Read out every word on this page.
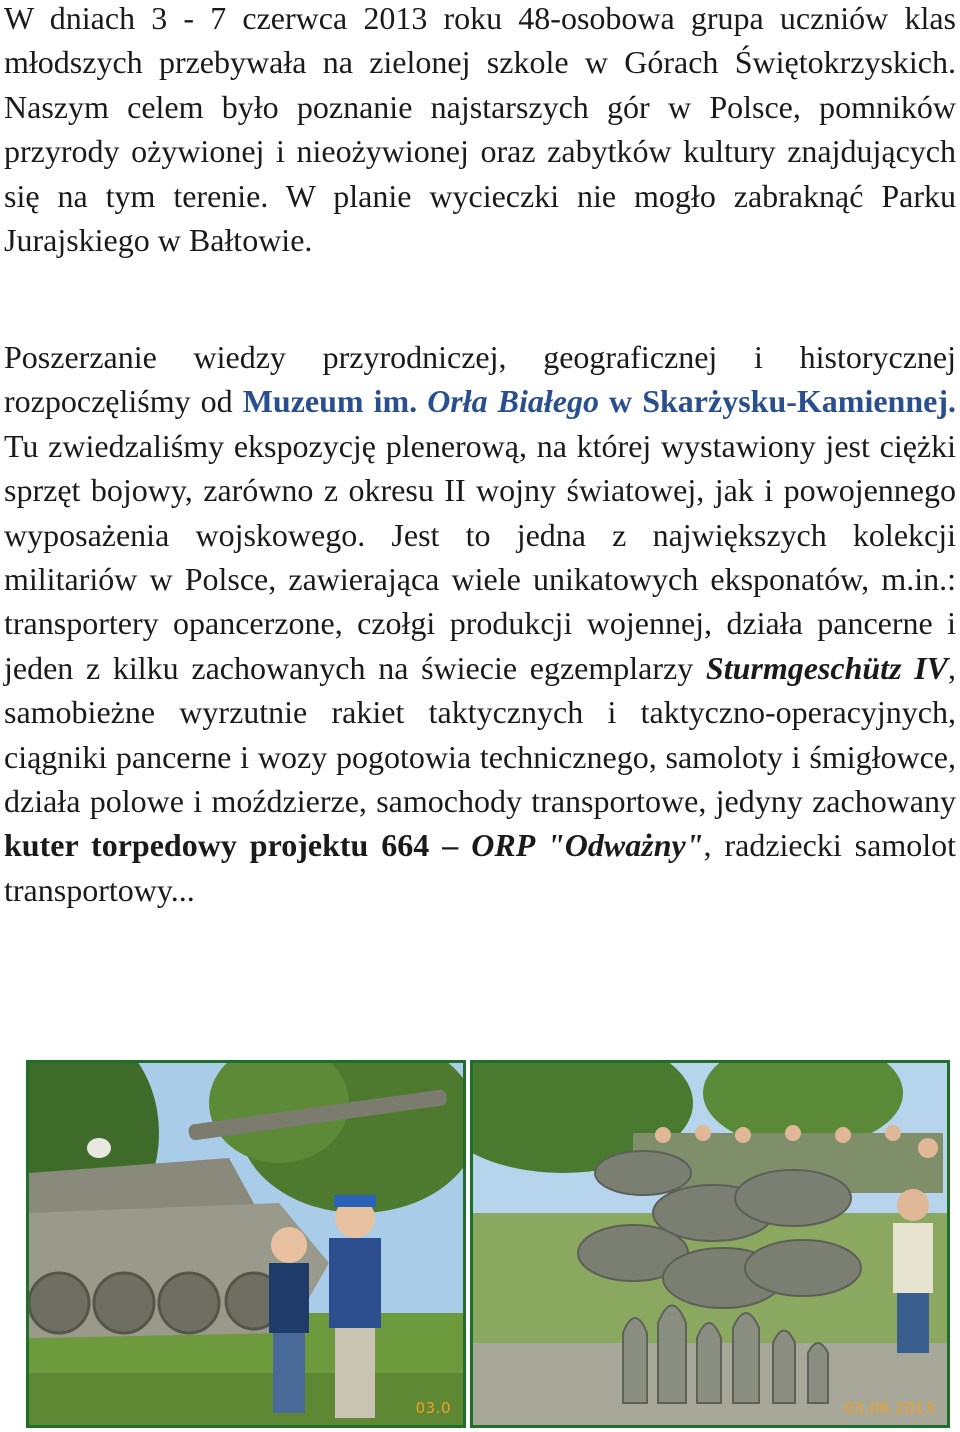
W dniach 3 - 7 czerwca 2013 roku 48-osobowa grupa uczniów klas młodszych przebywała na zielonej szkole w Górach Świętokrzyskich. Naszym celem było poznanie najstarszych gór w Polsce, pomników przyrody ożywionej i nieożywionej oraz zabytków kultury znajdujących się na tym terenie. W planie wycieczki nie mogło zabraknąć Parku Jurajskiego w Bałtowie.

Poszerzanie wiedzy przyrodniczej, geograficznej i historycznej rozpoczęliśmy od Muzeum im. Orła Białego w Skarżysku-Kamiennej. Tu zwiedzaliśmy ekspozycję plenerową, na której wystawiony jest ciężki sprzęt bojowy, zarówno z okresu II wojny światowej, jak i powojennego wyposażenia wojskowego. Jest to jedna z największych kolekcji militariów w Polsce, zawierająca wiele unikatowych eksponatów, m.in.: transportery opancerzone, czołgi produkcji wojennej, działa pancerne i jeden z kilku zachowanych na świecie egzemplarzy Sturmgeschütz IV, samobieżne wyrzutnie rakiet taktycznych i taktyczno-operacyjnych, ciągniki pancerne i wozy pogotowia technicznego, samoloty i śmigłowce, działa polowe i moździerze, samochody transportowe, jedyny zachowany kuter torpedowy projektu 664 – ORP "Odważny", radziecki samolot transportowy...

03.0	03.06.2013
